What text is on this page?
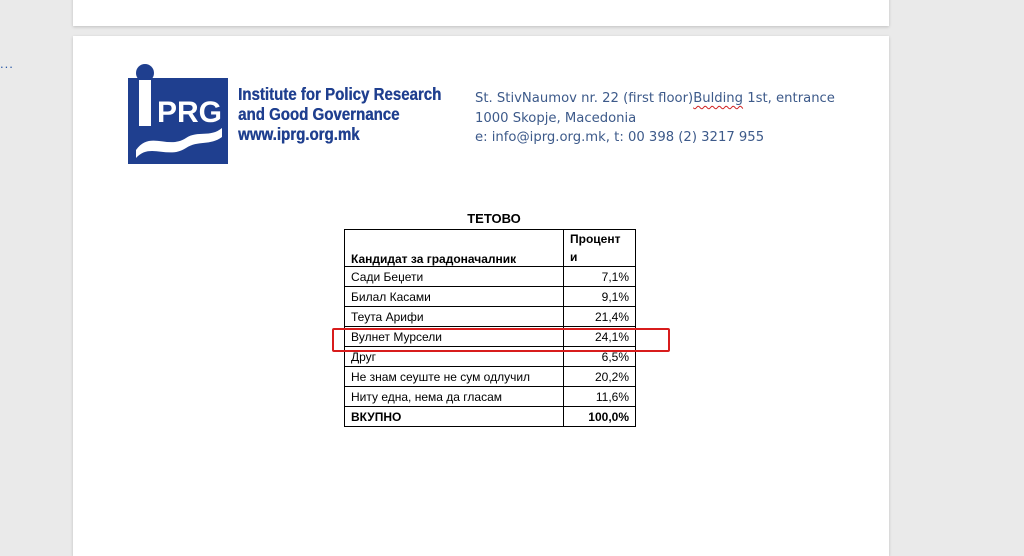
...
PRG
Institute for Policy Research
and Good Governance
www.iprg.org.mk
St. StivNaumov nr. 22 (first floor)Bulding 1st, entrance
1000 Skopje, Macedonia
e: info@iprg.org.mk, t: 00 398 (2) 3217 955
ТЕТОВО
Кандидат за градоначалник	Процент и
Сади Беџети	7,1%
Билал Касами	9,1%
Теута Арифи	21,4%
Вулнет Мурсели	24,1%
Друг	6,5%
Не знам сеуште не сум одлучил	20,2%
Ниту една, нема да гласам	11,6%
ВКУПНО	100,0%
